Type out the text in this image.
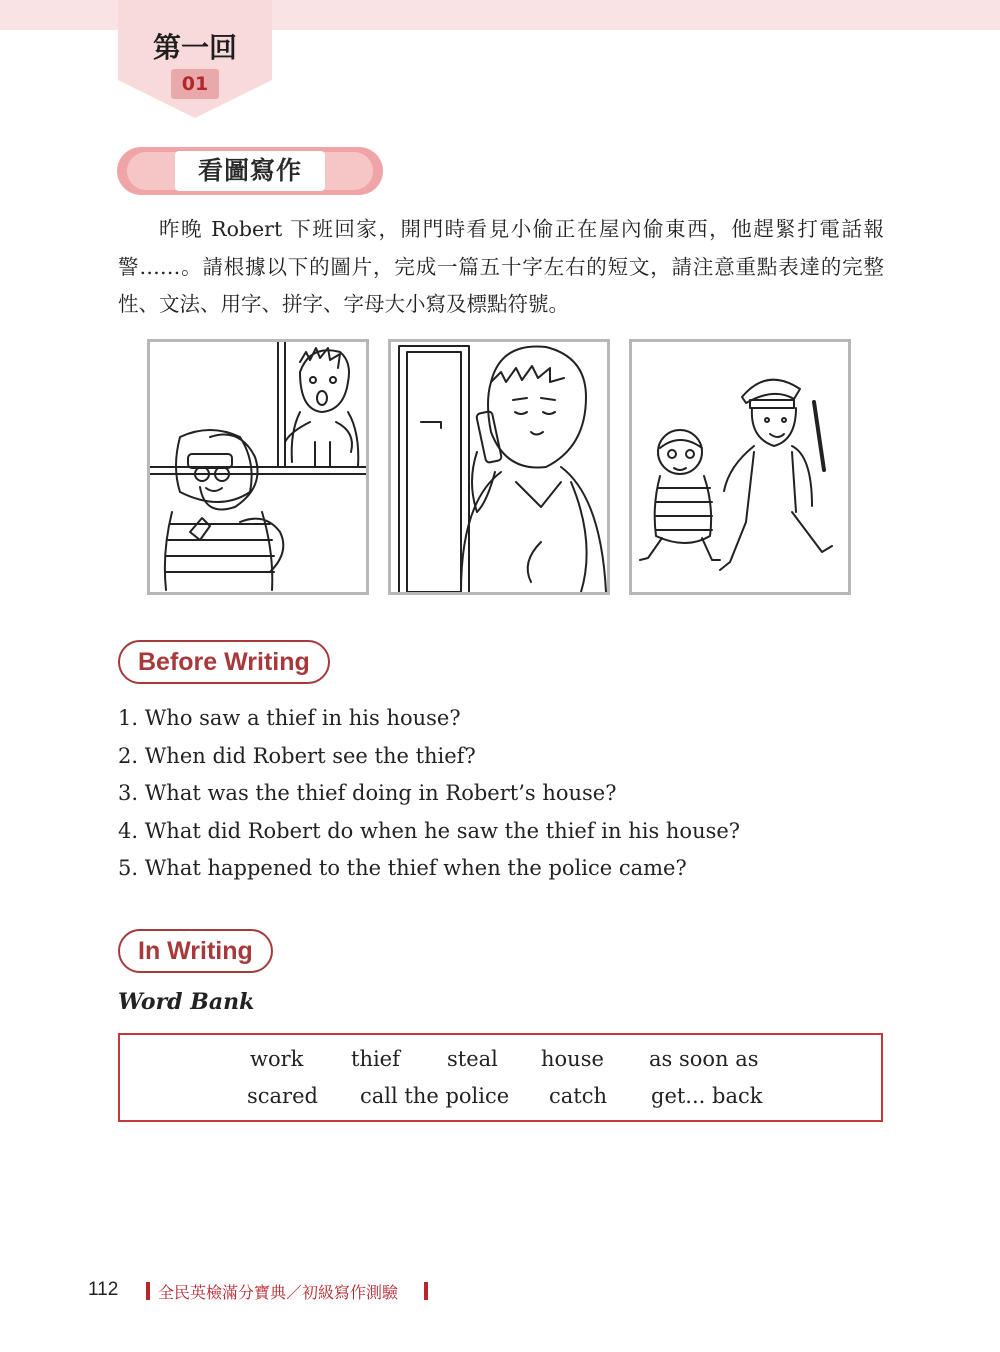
第一回
01
看圖寫作
昨晚 Robert 下班回家，開門時看見小偷正在屋內偷東西，他趕緊打電話報警……。請根據以下的圖片，完成一篇五十字左右的短文，請注意重點表達的完整性、文法、用字、拼字、字母大小寫及標點符號。
Before Writing
1. Who saw a thief in his house?
2. When did Robert see the thief?
3. What was the thief doing in Robert’s house?
4. What did Robert do when he saw the thief in his house?
5. What happened to the thief when the police came?
In Writing
Word Bank
work thief steal house as soon as
scared call the police catch get... back
112 全民英檢滿分寶典／初級寫作測驗
